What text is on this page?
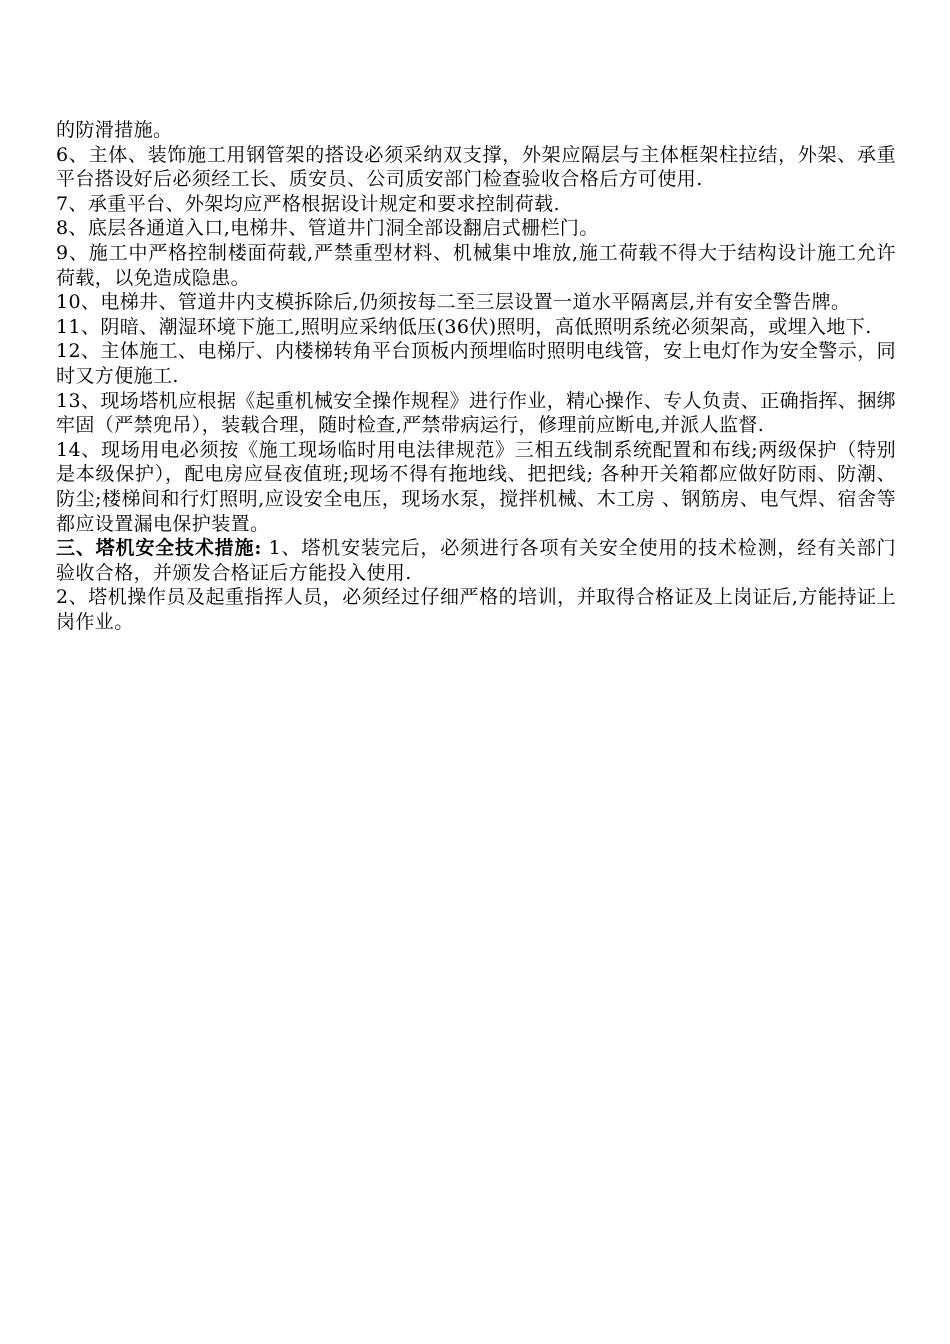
的防滑措施。

6、主体、装饰施工用钢管架的搭设必须采纳双支撑，外架应隔层与主体框架柱拉结，外架、承重平台搭设好后必须经工长、质安员、公司质安部门检查验收合格后方可使用.

7、承重平台、外架均应严格根据设计规定和要求控制荷载.

8、底层各通道入口,电梯井、管道井门洞全部设翻启式栅栏门。

9、施工中严格控制楼面荷载,严禁重型材料、机械集中堆放,施工荷载不得大于结构设计施工允许荷载，以免造成隐患。

10、电梯井、管道井内支模拆除后,仍须按每二至三层设置一道水平隔离层,并有安全警告牌。

11、阴暗、潮湿环境下施工,照明应采纳低压(36伏)照明，高低照明系统必须架高，或埋入地下.

12、主体施工、电梯厅、内楼梯转角平台顶板内预埋临时照明电线管，安上电灯作为安全警示，同时又方便施工.

13、现场塔机应根据《起重机械安全操作规程》进行作业，精心操作、专人负责、正确指挥、捆绑牢固（严禁兜吊），装载合理，随时检查,严禁带病运行，修理前应断电,并派人监督.

14、现场用电必须按《施工现场临时用电法律规范》三相五线制系统配置和布线;两级保护（特别是本级保护），配电房应昼夜值班;现场不得有拖地线、把把线; 各种开关箱都应做好防雨、防潮、防尘;楼梯间和行灯照明,应设安全电压，现场水泵，搅拌机械、木工房 、钢筋房、电气焊、宿舍等都应设置漏电保护装置。

三、塔机安全技术措施: 1、塔机安装完后，必须进行各项有关安全使用的技术检测，经有关部门验收合格，并颁发合格证后方能投入使用.

2、塔机操作员及起重指挥人员，必须经过仔细严格的培训，并取得合格证及上岗证后,方能持证上岗作业。
